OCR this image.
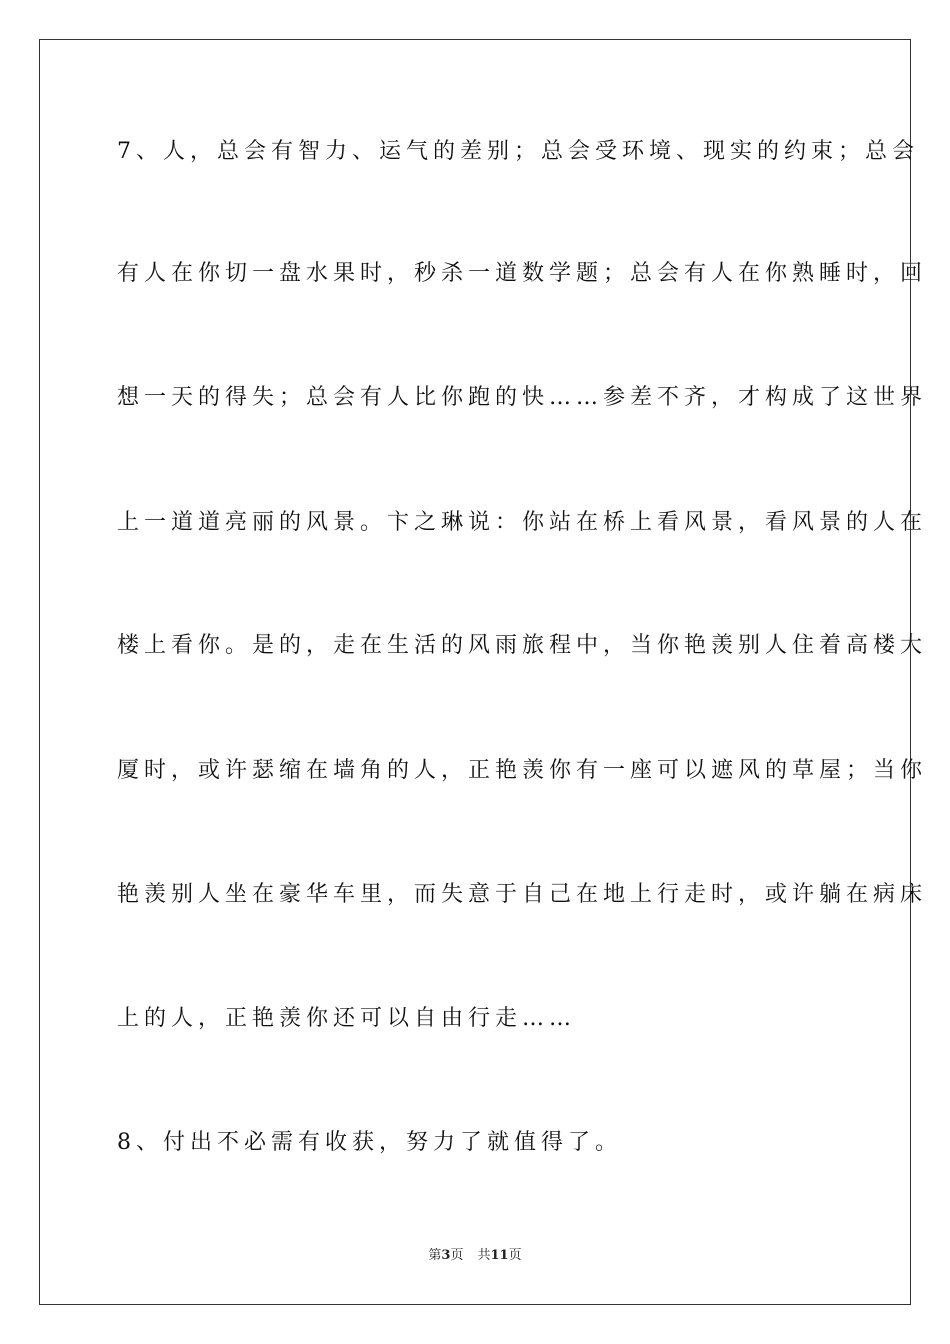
7、人，总会有智力、运气的差别；总会受环境、现实的约束；总会
有人在你切一盘水果时，秒杀一道数学题；总会有人在你熟睡时，回
想一天的得失；总会有人比你跑的快……参差不齐，才构成了这世界
上一道道亮丽的风景。卞之琳说：你站在桥上看风景，看风景的人在
楼上看你。是的，走在生活的风雨旅程中，当你艳羡别人住着高楼大
厦时，或许瑟缩在墙角的人，正艳羡你有一座可以遮风的草屋；当你
艳羡别人坐在豪华车里，而失意于自己在地上行走时，或许躺在病床
上的人，正艳羡你还可以自由行走……
8、付出不必需有收获，努力了就值得了。
第3页 共11页
